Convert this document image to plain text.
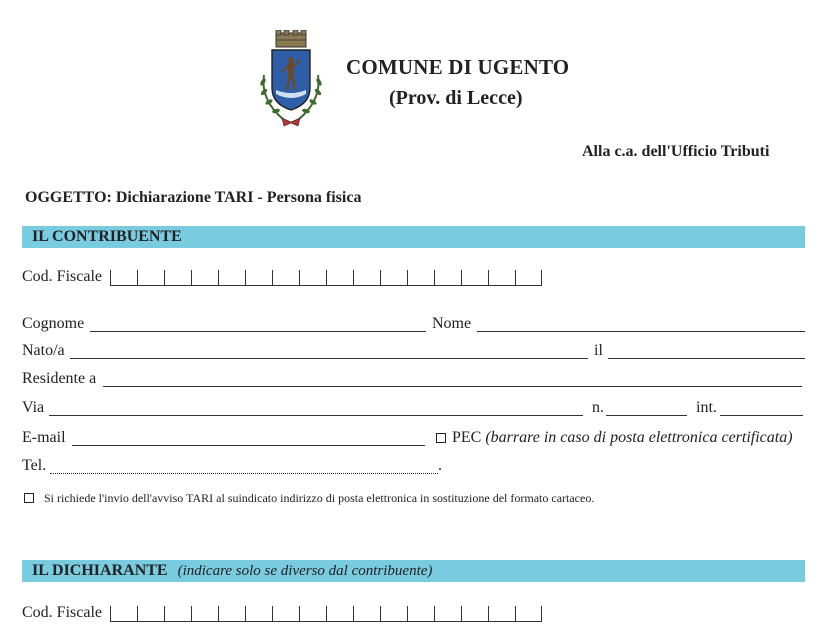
COMUNE DI UGENTO
(Prov. di Lecce)
Alla c.a. dell'Ufficio Tributi
OGGETTO: Dichiarazione TARI - Persona fisica
IL CONTRIBUENTE
Cod. Fiscale
Cognome	Nome
Nato/a	il
Residente a
Via	n.	int.
E-mail	PEC (barrare in caso di posta elettronica certificata)
Tel.	.
Si richiede l'invio dell'avviso TARI al suindicato indirizzo di posta elettronica in sostituzione del formato cartaceo.
IL DICHIARANTE (indicare solo se diverso dal contribuente)
Cod. Fiscale
